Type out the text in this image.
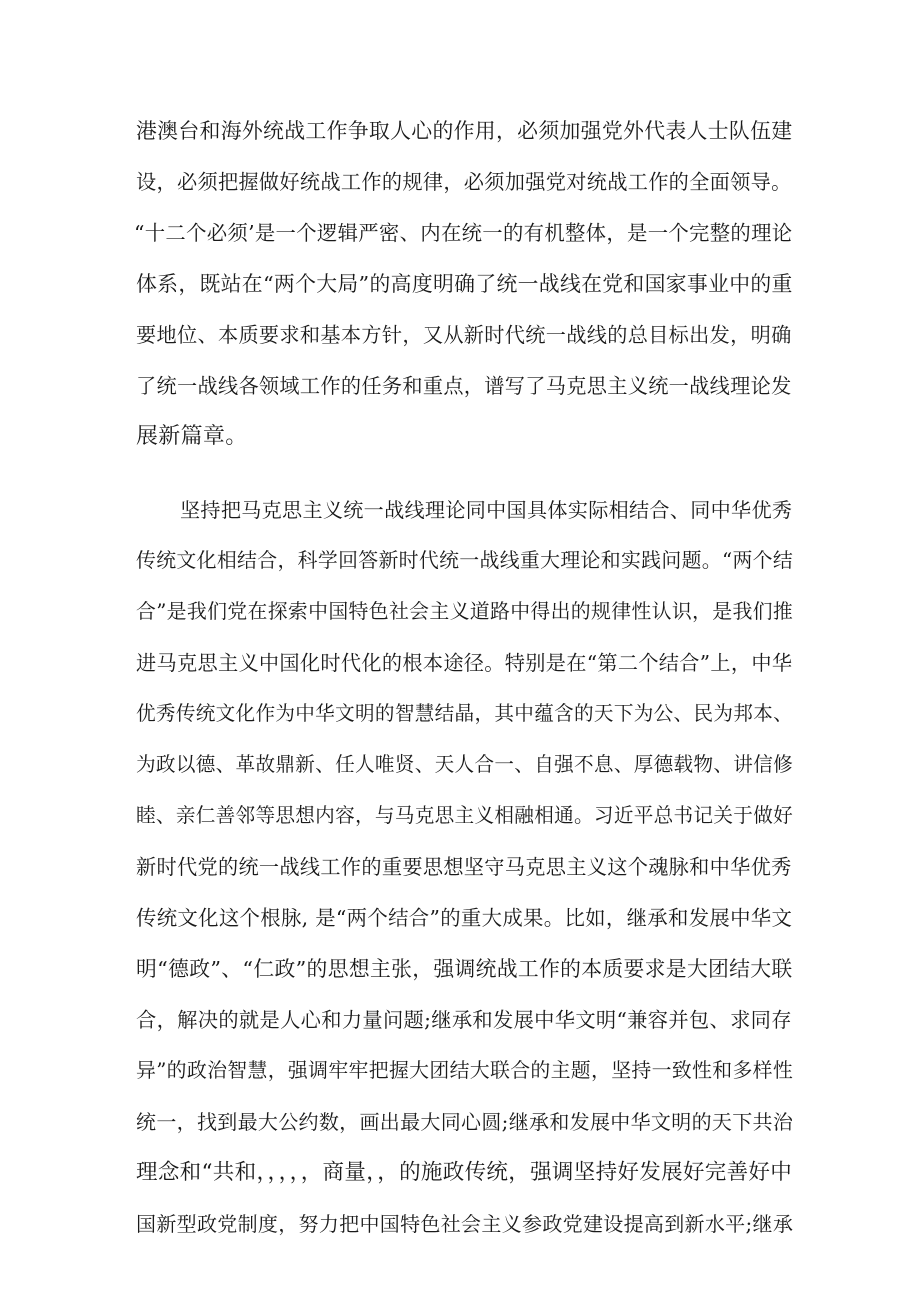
港澳台和海外统战工作争取人心的作用，必须加强党外代表人士队伍建
设，必须把握做好统战工作的规律，必须加强党对统战工作的全面领导。
“十二个必须’是一个逻辑严密、内在统一的有机整体，是一个完整的理论
体系，既站在“两个大局”的高度明确了统一战线在党和国家事业中的重
要地位、本质要求和基本方针，又从新时代统一战线的总目标出发，明确
了统一战线各领域工作的任务和重点，谱写了马克思主义统一战线理论发
展新篇章。
坚持把马克思主义统一战线理论同中国具体实际相结合、同中华优秀
传统文化相结合，科学回答新时代统一战线重大理论和实践问题。“两个结
合”是我们党在探索中国特色社会主义道路中得出的规律性认识，是我们推
进马克思主义中国化时代化的根本途径。特别是在“第二个结合”上，中华
优秀传统文化作为中华文明的智慧结晶，其中蕴含的天下为公、民为邦本、
为政以德、革故鼎新、任人唯贤、天人合一、自强不息、厚德载物、讲信修
睦、亲仁善邻等思想内容，与马克思主义相融相通。习近平总书记关于做好
新时代党的统一战线工作的重要思想坚守马克思主义这个魂脉和中华优秀
传统文化这个根脉, 是“两个结合”的重大成果。比如，继承和发展中华文
明“德政”、“仁政”的思想主张，强调统战工作的本质要求是大团结大联
合，解决的就是人心和力量问题;继承和发展中华文明“兼容并包、求同存
异”的政治智慧，强调牢牢把握大团结大联合的主题，坚持一致性和多样性
统一，找到最大公约数，画出最大同心圆;继承和发展中华文明的天下共治
理念和“共和，，，，，商量，，的施政传统，强调坚持好发展好完善好中
国新型政党制度，努力把中国特色社会主义参政党建设提高到新水平;继承
